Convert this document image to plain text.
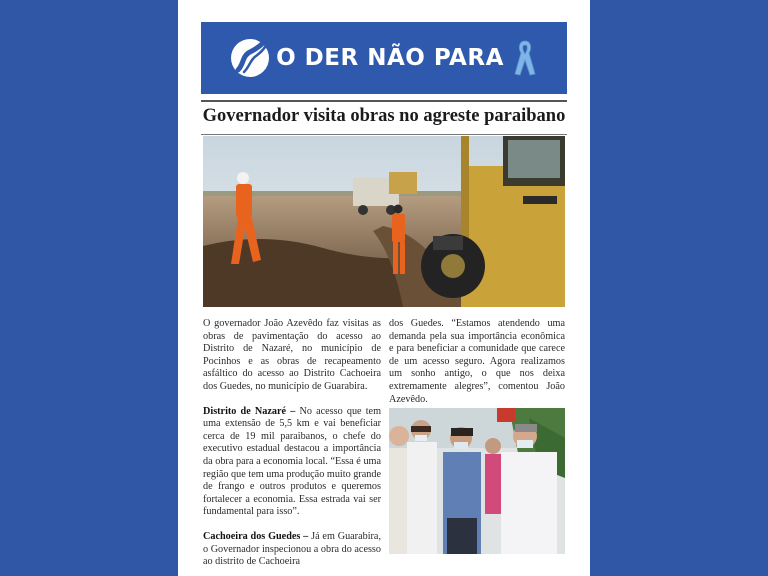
O DER NÃO PARA
Governador visita obras no agreste paraibano

O governador João Azevêdo faz visitas as obras de pavimentação do acesso ao Distrito de Nazaré, no município de Pocinhos e as obras de recapeamento asfáltico do acesso ao Distrito Cachoeira dos Guedes, no município de Guarabira.

Distrito de Nazaré – No acesso que tem uma extensão de 5,5 km e vai beneficiar cerca de 19 mil paraibanos, o chefe do executivo estadual destacou a importância da obra para a economia local. “Essa é uma região que tem uma produção muito grande de frango e outros produtos e queremos fortalecer a economia. Essa estrada vai ser fundamental para isso”.

Cachoeira dos Guedes – Já em Guarabira, o Governador inspecionou a obra do acesso ao distrito de Cachoeira

dos Guedes. “Estamos atendendo uma demanda pela sua importância econômica e para beneficiar a comunidade que carece de um acesso seguro. Agora realizamos um sonho antigo, o que nos deixa extremamente alegres”, comentou João Azevêdo.
